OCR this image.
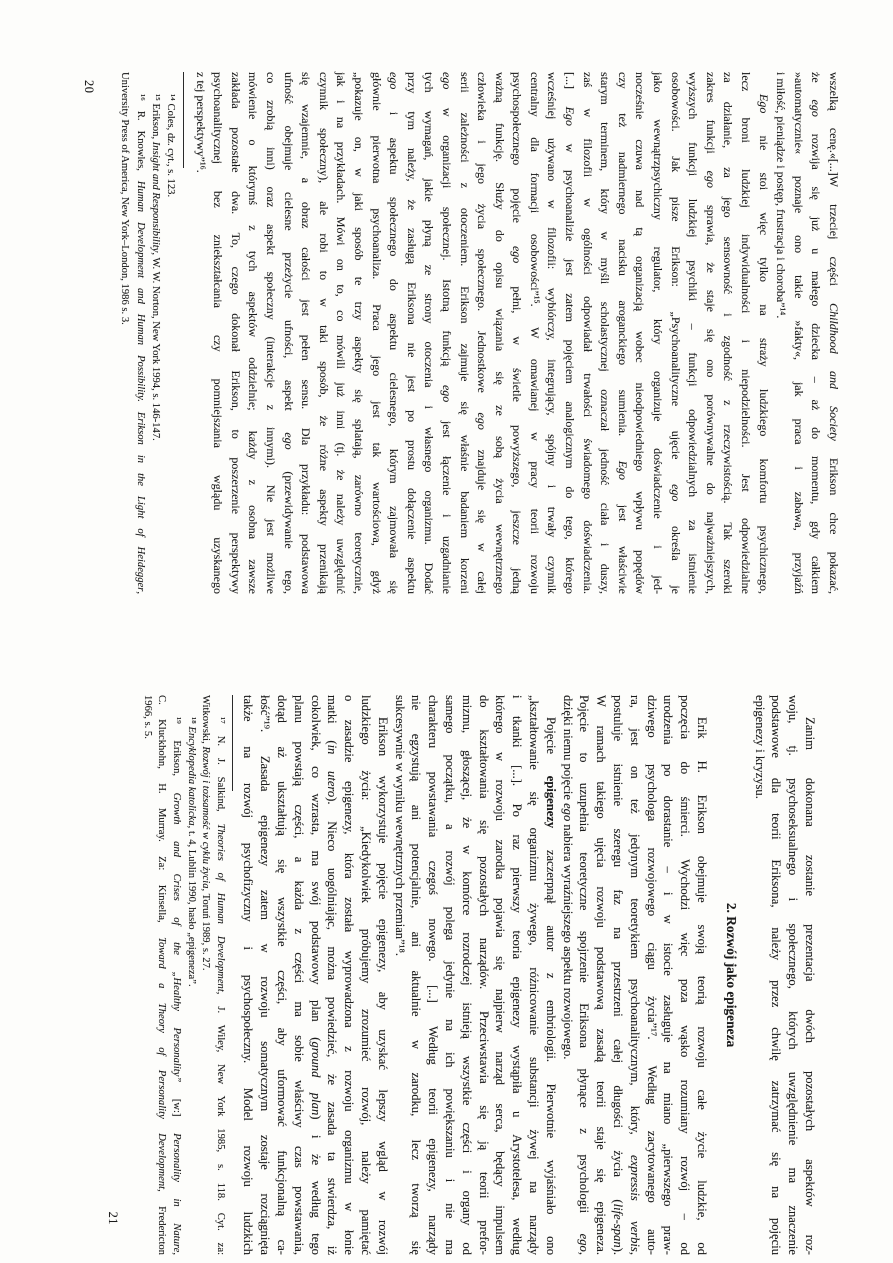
wszelką cenę.«[...]W trzeciej części Childhood and Society Erikson chce pokazać,
że ego rozwija się już u małego dziecka – aż do momentu, gdy całkiem
»automatycznie« poznaje ono takie »fakty«, jak praca i zabawa, przyjaźń
i miłość, pieniądze i postęp, frustracja i choroba”¹⁴.
Ego nie stoi więc tylko na straży ludzkiego komfortu psychicznego,
lecz broni ludzkiej indywidualności i niepodzielności. Jest odpowiedzialne
za działanie, za jego sensowność i zgodność z rzeczywistością. Tak szeroki
zakres funkcji ego sprawia, że staje się ono porównywalne do najważniejszych,
wyższych funkcji ludzkiej psychiki – funkcji odpowiedzialnych za istnienie
osobowości. Jak pisze Erikson: „Psychoanalityczne ujęcie ego określa je
jako wewnątrzpsychiczny regulator, który organizuje doświadczenie i jed-
nocześnie czuwa nad tą organizacją wobec nieodpowiedniego wpływu popędów
czy też nadmiernego nacisku aroganckiego sumienia. Ego jest właściwie
starym terminem, który w myśli scholastycznej oznaczał jedność ciała i duszy,
zaś w filozofii w ogólności odpowiadał trwałości świadomego doświadczenia.
[...] Ego w psychoanalizie jest zatem pojęciem analogicznym do tego, którego
wcześniej używano w filozofii: wybiórczy, integrujący, spójny i trwały czynnik
centralny dla formacji osobowości”¹⁵. W omawianej w pracy teorii rozwoju
psychospołecznego pojęcie ego pełni, w świetle powyższego, jeszcze jedną
ważną funkcję. Służy do opisu wiązania się ze sobą życia wewnętrznego
człowieka i jego życia społecznego. Jednostkowe ego znajduje się w całej
serii zależności z otoczeniem. Erikson zajmuje się właśnie badaniem korzeni
ego w organizacji społecznej. Istotną funkcją ego jest łączenie i uzgadnianie
tych wymagań, jakie płyną ze strony otoczenia i własnego organizmu. Dodać
przy tym należy, że zasługą Eriksona nie jest po prostu dołączenie aspektu
ego i aspektu społecznego do aspektu cielesnego, którym zajmowała się
głównie pierwotna psychoanaliza. Praca jego jest tak wartościowa, gdyż
„pokazuje on, w jaki sposób te trzy aspekty się splatają, zarówno teoretycznie,
jak i na przykładach. Mówi on to, co mówili już inni (tj. że należy uwzględnić
czynnik społeczny), ale robi to w taki sposób, że różne aspekty przenikają
się wzajemnie, a obraz całości jest pełen sensu. Dla przykładu: podstawowa
ufność obejmuje cielesne przeżycie ufności, aspekt ego (przewidywanie tego,
co zrobią inni) oraz aspekt społeczny (interakcje z innymi). Nie jest możliwe
mówienie o którymś z tych aspektów oddzielnie; każdy z osobna zawsze
zakłada pozostałe dwa. To, czego dokonał Erikson, to poszerzenie perspektywy
psychoanalitycznej bez zniekształcania czy pomniejszania wglądu uzyskanego
z tej perspektywy”¹⁶.
¹⁴ Coles, dz. cyt., s. 123.
¹⁵ Erikson, Insight and Responsibility, W. W. Norton, New York 1994, s. 146-147.
¹⁶ R. Knowles, Human Development and Human Possibility. Erikson in the Light of Heidegger,
University Press of America, New York–London, 1986 s. 3.
20
Zanim dokonana zostanie prezentacja dwóch pozostałych aspektów roz-
woju, tj. psychoseksualnego i społecznego, których uwzględnienie ma znaczenie
podstawowe dla teorii Eriksona, należy przez chwilę zatrzymać się na pojęciu
epigenezy i kryzysu.
2. Rozwój jako epigeneza
Erik H. Erikson obejmuje swoją teorią rozwoju całe życie ludzkie, od
poczęcia do śmierci. Wychodzi więc poza wąsko rozumiany rozwój – od
urodzenia po dorastanie – i w istocie zasługuje na miano „pierwszego praw-
dziwego psychologa rozwojowego ciągu życia”¹⁷. Według zacytowanego auto-
ra, jest on też jedynym teoretykiem psychoanalitycznym, który, expressis verbis,
postuluje istnienie szeregu faz na przestrzeni całej długości życia (life-span).
W ramach takiego ujęcia rozwoju podstawową zasadą teorii staje się epigeneza.
Pojęcie to uzupełnia teoretyczne spojrzenie Eriksona płynące z psychologii ego,
dzięki niemu pojęcie ego nabiera wyraźniejszego aspektu rozwojowego.
Pojęcie epigenezy zaczerpnął autor z embriologii. Pierwotnie wyjaśniało ono
„kształtowanie się organizmu żywego, różnicowanie substancji żywej na narządy
i tkanki [...]. Po raz pierwszy teoria epigenezy wystąpiła u Arystotelesa, według
którego w rozwoju zarodka pojawia się najpierw narząd serca, będący impulsem
do kształtowania się pozostałych narządów. Przeciwstawia się ją teorii prefor-
mizmu, głoszącej, że w komórce rozrodczej istnieją wszystkie części i organy od
samego początku, a rozwój polega jedynie na ich powiększaniu i nie ma
charakteru powstawania czegoś nowego. [...] Według teorii epigenezy, narządy
nie egzystują ani potencjalnie, ani aktualnie w zarodku, lecz tworzą się
sukcesywnie w wyniku wewnętrznych przemian”¹⁸.
Erikson wykorzystuje pojęcie epigenezy, aby uzyskać lepszy wgląd w rozwój
ludzkiego życia: „Kiedykolwiek próbujemy zrozumieć rozwój, należy pamiętać
o zasadzie epigenezy, która została wyprowadzona z rozwoju organizmu w łonie
matki (in utero). Nieco uogólniając, można powiedzieć, że zasada ta stwierdza, iż
cokolwiek, co wzrasta, ma swój podstawowy plan (ground plan) i że według tego
planu powstają części, a każda z części ma sobie właściwy czas powstawania,
dotąd aż ukształtują się wszystkie części, aby uformować funkcjonalną ca-
łość”¹⁹. Zasada epigenezy zatem w rozwoju somatycznym zostaje rozciągnięta
także na rozwój psychofizyczny i psychospołeczny. Model rozwoju ludzkich
¹⁷ N. J. Salkind, Theories of Human Development, J. Wiley, New York 1985, s. 118. Cyt. za:
Witkowski, Rozwój i tożsamość w cyklu życia, Toruń 1989, s. 27.
¹⁸ Encyklopedia katolicka, t. 4, Lublin 1990, hasło „epigeneza”.
¹⁹ Erikson, Growth and Crises of the „Healthy Personality” [w:] Personality in Nature,
C. Kluckhohn, H. Murray. Za: Kinsella, Toward a Theory of Personality Development, Fredericton
1966, s. 5.
21
